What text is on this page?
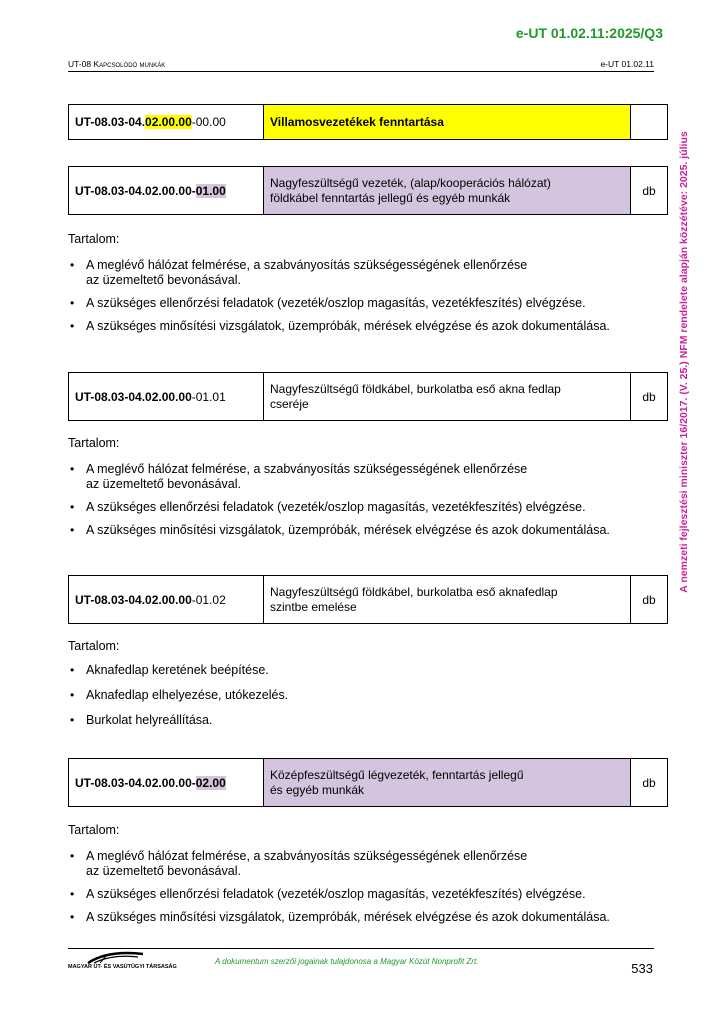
e-UT 01.02.11:2025/Q3
UT-08 Kapcsolódó munkák	e-UT 01.02.11
A nemzeti fejlesztési miniszter 16/2017. (V. 25.) NFM rendelete alapján közzétéve: 2025. július
UT-08.03-04.02.00.00-00.00	Villamosvezetékek fenntartása	
UT-08.03-04.02.00.00-01.00	Nagyfeszültségű vezeték, (alap/kooperációs hálózat)
földkábel fenntartás jellegű és egyéb munkák	db
Tartalom:
• A meglévő hálózat felmérése, a szabványosítás szükségességének ellenőrzése
az üzemeltető bevonásával.
• A szükséges ellenőrzési feladatok (vezeték/oszlop magasítás, vezetékfeszítés) elvégzése.
• A szükséges minősítési vizsgálatok, üzempróbák, mérések elvégzése és azok dokumentálása.
UT-08.03-04.02.00.00-01.01	Nagyfeszültségű földkábel, burkolatba eső akna fedlap
cseréje	db
Tartalom:
• A meglévő hálózat felmérése, a szabványosítás szükségességének ellenőrzése
az üzemeltető bevonásával.
• A szükséges ellenőrzési feladatok (vezeték/oszlop magasítás, vezetékfeszítés) elvégzése.
• A szükséges minősítési vizsgálatok, üzempróbák, mérések elvégzése és azok dokumentálása.
UT-08.03-04.02.00.00-01.02	Nagyfeszültségű földkábel, burkolatba eső aknafedlap
szintbe emelése	db
Tartalom:
• Aknafedlap keretének beépítése.
• Aknafedlap elhelyezése, utókezelés.
• Burkolat helyreállítása.
UT-08.03-04.02.00.00-02.00	Középfeszültségű légvezeték, fenntartás jellegű
és egyéb munkák	db
Tartalom:
• A meglévő hálózat felmérése, a szabványosítás szükségességének ellenőrzése
az üzemeltető bevonásával.
• A szükséges ellenőrzési feladatok (vezeték/oszlop magasítás, vezetékfeszítés) elvégzése.
• A szükséges minősítési vizsgálatok, üzempróbák, mérések elvégzése és azok dokumentálása.
MAGYAR ÚT- ÉS VASÚTÜGYI TÁRSASÁG
A dokumentum szerzői jogainak tulajdonosa a Magyar Közút Nonprofit Zrt.	533
